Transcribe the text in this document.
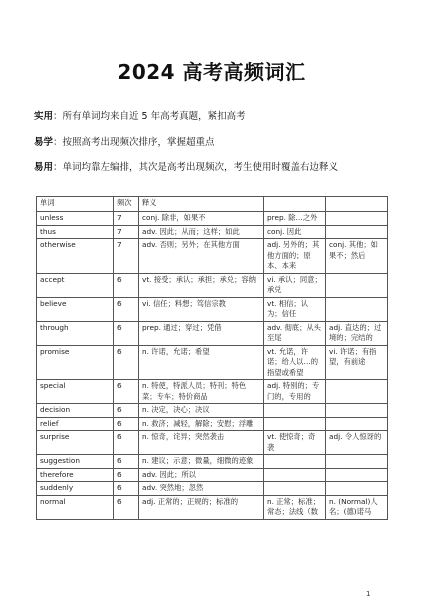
2024 高考高频词汇
实用：所有单词均来自近 5 年高考真题，紧扣高考
易学：按照高考出现频次排序，掌握超重点
易用：单词均靠左编排，其次是高考出现频次，考生使用时覆盖右边释义
单词	频次	释义		
unless	7	conj. 除非，如果不	prep. 除…之外	
thus	7	adv. 因此；从而；这样；如此	conj. 因此	
otherwise	7	adv. 否则；另外；在其他方面	adj. 另外的；其他方面的；原本、本来	conj. 其他；如果不；然后
accept	6	vt. 接受；承认；承担；承兑；容纳	vi. 承认；同意；承兑	
believe	6	vi. 信任；料想；笃信宗教	vt. 相信；认为；信任	
through	6	prep. 通过；穿过；凭借	adv. 彻底；从头至尾	adj. 直达的；过境的；完结的
promise	6	n. 许诺，允诺；希望	vt. 允诺，许诺；给人以…的指望或希望	vi. 许诺；有指望，有前途
special	6	n. 特使，特派人员；特刊；特色菜；专车；特价商品	adj. 特别的；专门的，专用的	
decision	6	n. 决定，决心；决议		
relief	6	n. 救济；减轻，解除；安慰；浮雕		
surprise	6	n. 惊奇，诧异；突然袭击	vt. 使惊奇；奇袭	adj. 令人惊讶的
suggestion	6	n. 建议；示意；微量，细微的迹象		
therefore	6	adv. 因此；所以		
suddenly	6	adv. 突然地；忽然		
normal	6	adj. 正常的；正规的；标准的	n. 正常；标准；常态；法线（数	n. (Normal)人名；(德)诺马
1
